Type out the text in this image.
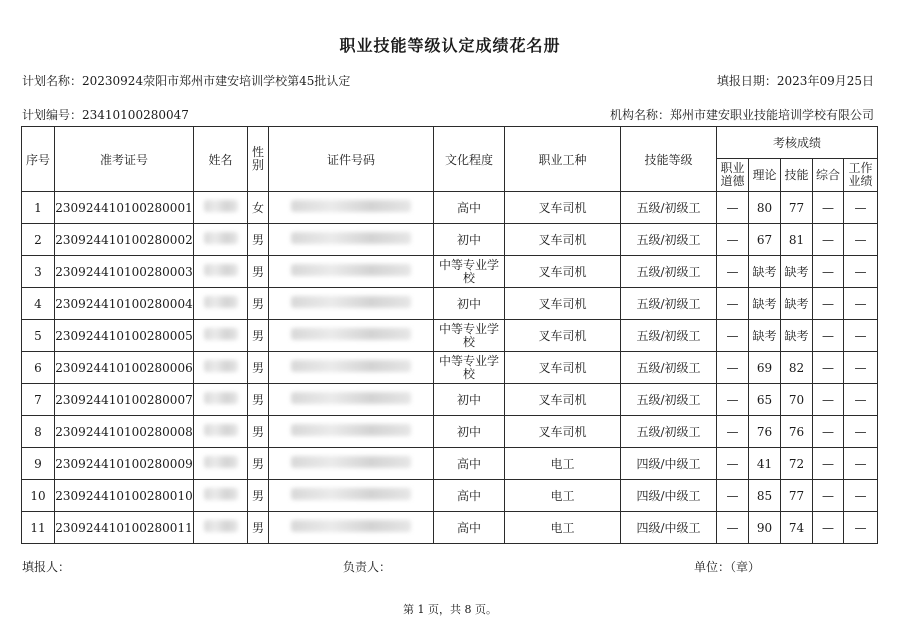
职业技能等级认定成绩花名册
计划名称：20230924荥阳市郑州市建安培训学校第45批认定	填报日期：2023年09月25日
计划编号：23410100280047	机构名称：郑州市建安职业技能培训学校有限公司
序号	准考证号	姓名	性别	证件号码	文化程度	职业工种	技能等级	考核成绩				
								职业道德	理论	技能	综合	工作业绩
1	230924410100280001		女		高中	叉车司机	五级/初级工	—	80	77	—	—
2	230924410100280002		男		初中	叉车司机	五级/初级工	—	67	81	—	—
3	230924410100280003		男		中等专业学校	叉车司机	五级/初级工	—	缺考	缺考	—	—
4	230924410100280004		男		初中	叉车司机	五级/初级工	—	缺考	缺考	—	—
5	230924410100280005		男		中等专业学校	叉车司机	五级/初级工	—	缺考	缺考	—	—
6	230924410100280006		男		中等专业学校	叉车司机	五级/初级工	—	69	82	—	—
7	230924410100280007		男		初中	叉车司机	五级/初级工	—	65	70	—	—
8	230924410100280008		男		初中	叉车司机	五级/初级工	—	76	76	—	—
9	230924410100280009		男		高中	电工	四级/中级工	—	41	72	—	—
10	230924410100280010		男		高中	电工	四级/中级工	—	85	77	—	—
11	230924410100280011		男		高中	电工	四级/中级工	—	90	74	—	—
填报人：	负责人：	单位：（章）
第 1 页，共 8 页。
